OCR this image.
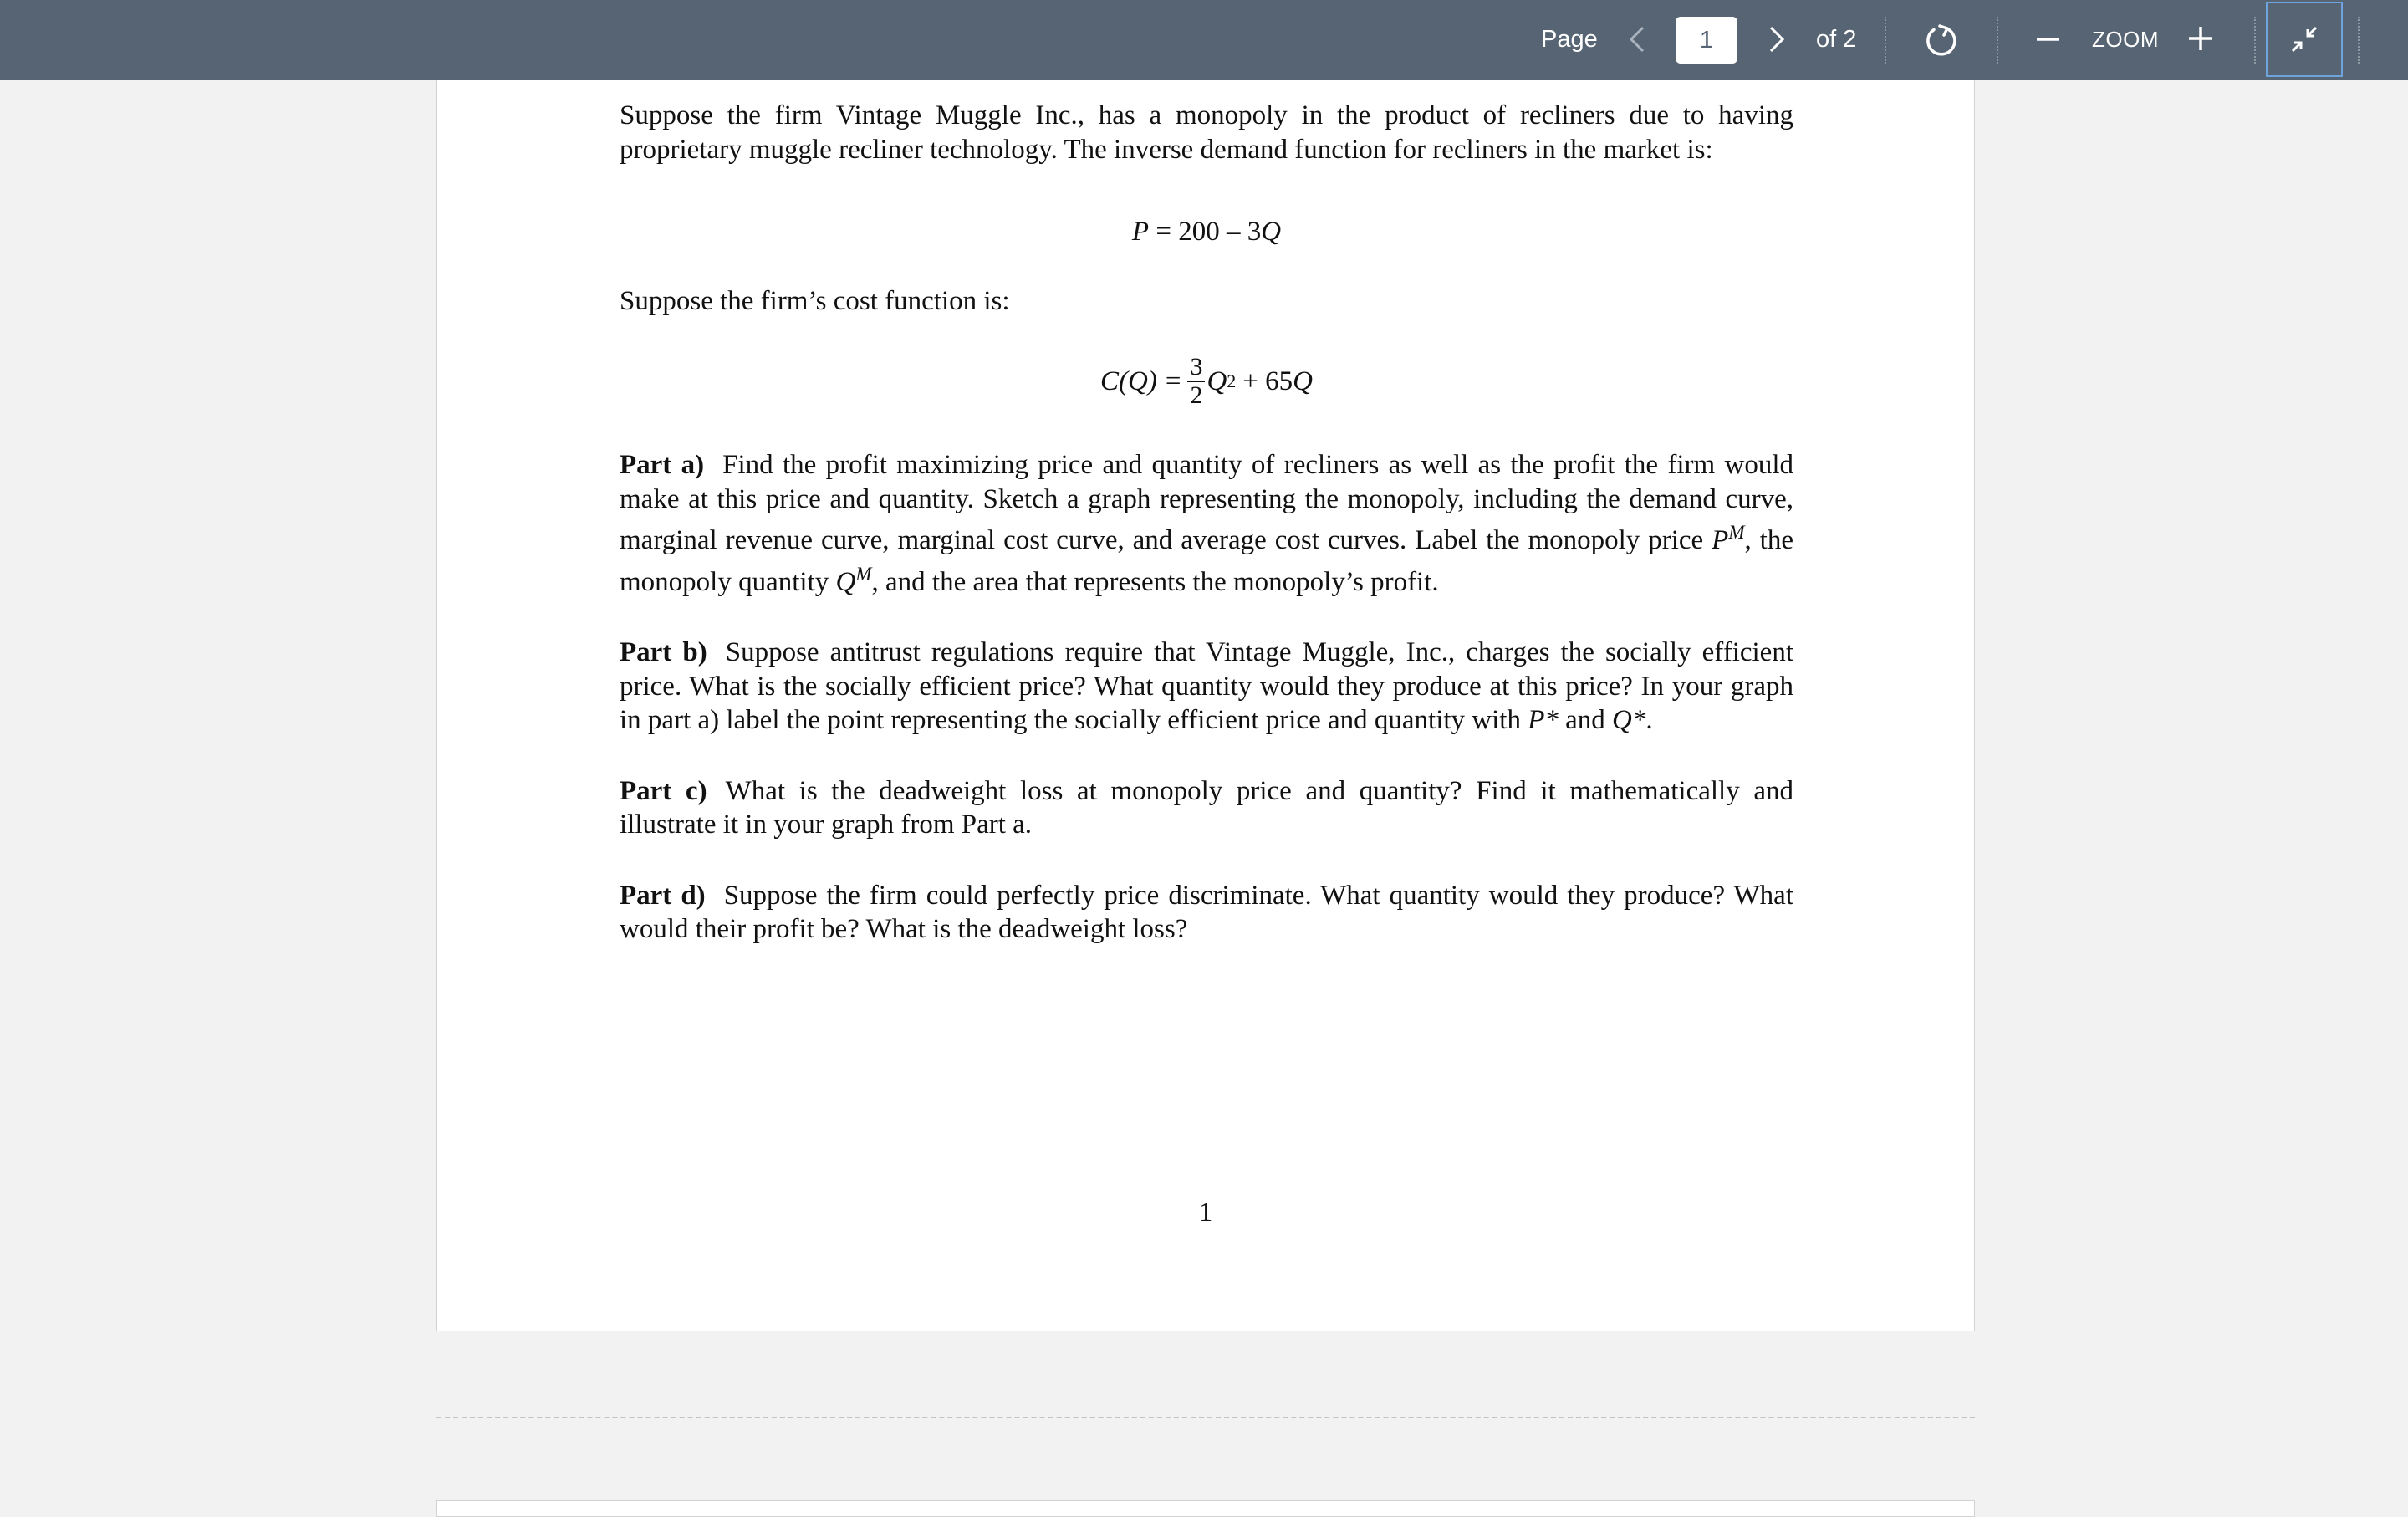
Page
1	of 2	ZOOM

Suppose the firm Vintage Muggle Inc., has a monopoly in the product of recliners due to having proprietary muggle recliner technology. The inverse demand function for recliners in the market is:

P = 200 – 3Q

Suppose the firm’s cost function is:

$C(Q) = \frac{3}{2}$ Q 2 + 65 Q

Part a) Find the profit maximizing price and quantity of recliners as well as the profit the firm would make at this price and quantity. Sketch a graph representing the monopoly, including the demand curve, marginal revenue curve, marginal cost curve, and average cost curves. Label the monopoly price $P^M$, the monopoly quantity $Q^M$, and the area that represents the monopoly’s profit.

Part b) Suppose antitrust regulations require that Vintage Muggle, Inc., charges the socially efficient price. What is the socially efficient price? What quantity would they produce at this price? In your graph in part a) label the point representing the socially efficient price and quantity with P* and Q*.

Part c) What is the deadweight loss at monopoly price and quantity? Find it mathematically and illustrate it in your graph from Part a.

Part d) Suppose the firm could perfectly price discriminate. What quantity would they produce? What would their profit be? What is the deadweight loss?

1
